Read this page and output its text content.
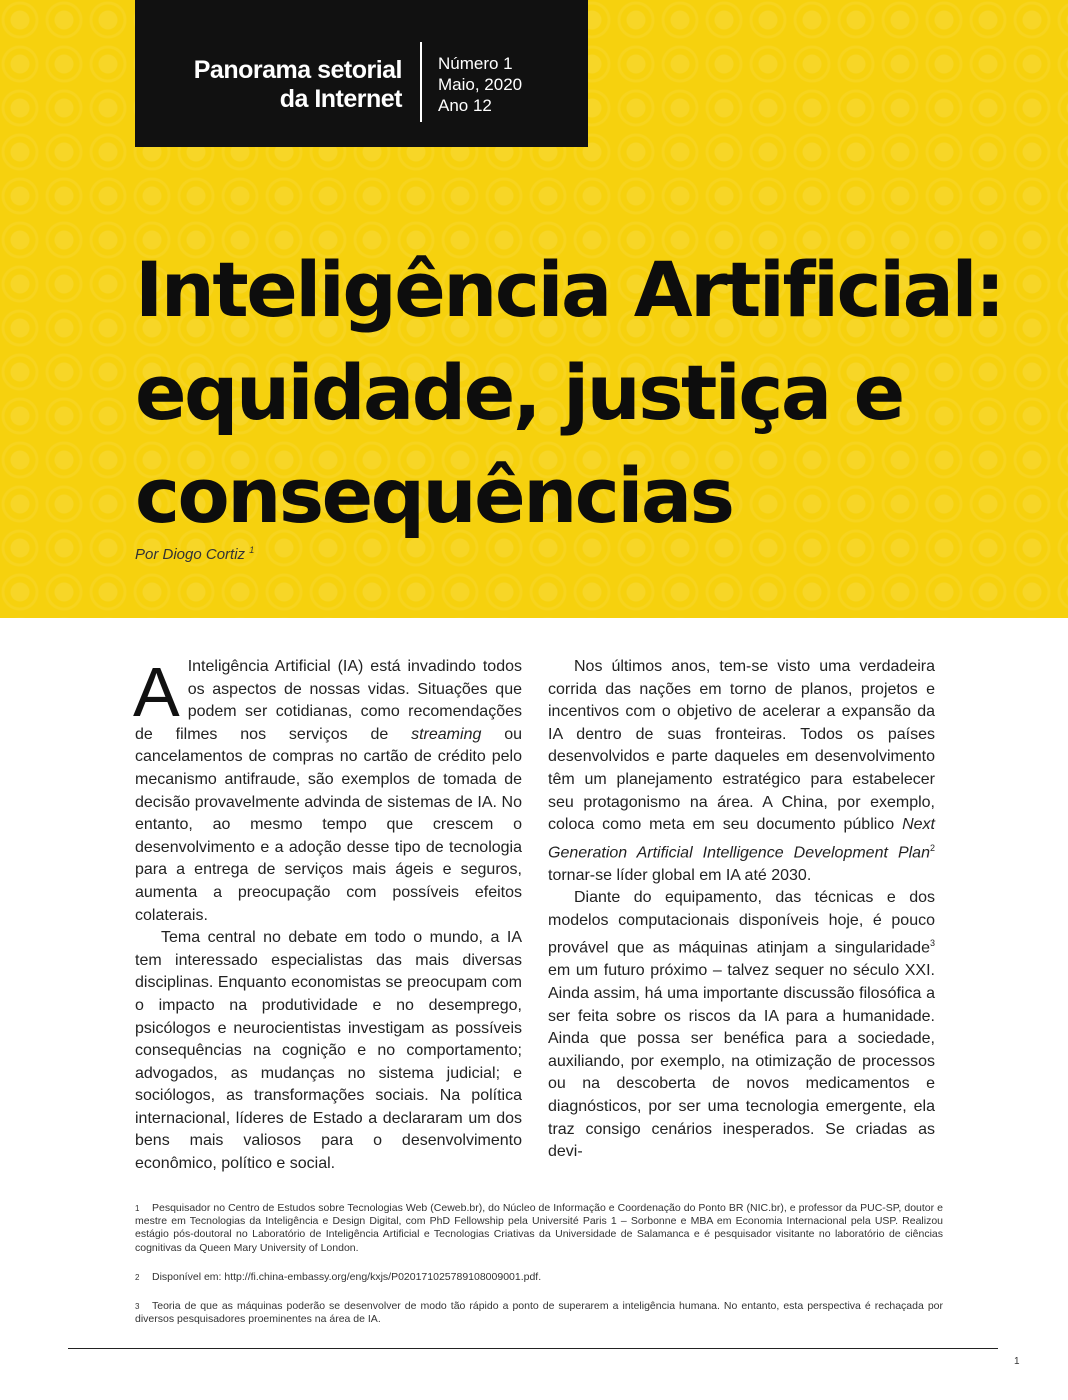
Panorama setorial
da Internet
Número 1
Maio, 2020
Ano 12
Inteligência Artificial:
equidade, justiça e
consequências
Por Diogo Cortiz $^1$

A Inteligência Artificial (IA) está invadindo todos os aspectos de nossas vidas. Situações que podem ser cotidianas, como recomendações de filmes nos serviços de streaming ou cancelamentos de compras no cartão de crédito pelo mecanismo antifraude, são exemplos de tomada de decisão provavelmente advinda de sistemas de IA. No entanto, ao mesmo tempo que crescem o desenvolvimento e a adoção desse tipo de tecnologia para a entrega de serviços mais ágeis e seguros, aumenta a preocupação com possíveis efeitos colaterais.

Tema central no debate em todo o mundo, a IA tem interessado especialistas das mais diversas disciplinas. Enquanto economistas se preocupam com o impacto na produtividade e no desemprego, psicólogos e neurocientistas investigam as possíveis consequências na cognição e no comportamento; advogados, as mudanças no sistema judicial; e sociólogos, as transformações sociais. Na política internacional, líderes de Estado a declararam um dos bens mais valiosos para o desenvolvimento econômico, político e social.

Nos últimos anos, tem-se visto uma verdadeira corrida das nações em torno de planos, projetos e incentivos com o objetivo de acelerar a expansão da IA dentro de suas fronteiras. Todos os países desenvolvidos e parte daqueles em desenvolvimento têm um planejamento estratégico para estabelecer seu protagonismo na área. A China, por exemplo, coloca como meta em seu documento público Next Generation Artificial Intelligence Development Plan$^2$ tornar-se líder global em IA até 2030.

Diante do equipamento, das técnicas e dos modelos computacionais disponíveis hoje, é pouco provável que as máquinas atinjam a singularidade$^3$ em um futuro próximo – talvez sequer no século XXI. Ainda assim, há uma importante discussão filosófica a ser feita sobre os riscos da IA para a humanidade. Ainda que possa ser benéfica para a sociedade, auxiliando, por exemplo, na otimização de processos ou na descoberta de novos medicamentos e diagnósticos, por ser uma tecnologia emergente, ela traz consigo cenários inesperados. Se criadas as devi-

1 Pesquisador no Centro de Estudos sobre Tecnologias Web (Ceweb.br), do Núcleo de Informação e Coordenação do Ponto BR (NIC.br), e professor da PUC-SP, doutor e mestre em Tecnologias da Inteligência e Design Digital, com PhD Fellowship pela Université Paris 1 – Sorbonne e MBA em Economia Internacional pela USP. Realizou estágio pós-doutoral no Laboratório de Inteligência Artificial e Tecnologias Criativas da Universidade de Salamanca e é pesquisador visitante no laboratório de ciências cognitivas da Queen Mary University of London.

2 Disponível em: http://fi.china-embassy.org/eng/kxjs/P020171025789108009001.pdf.

3 Teoria de que as máquinas poderão se desenvolver de modo tão rápido a ponto de superarem a inteligência humana. No entanto, esta perspectiva é rechaçada por diversos pesquisadores proeminentes na área de IA.

1
